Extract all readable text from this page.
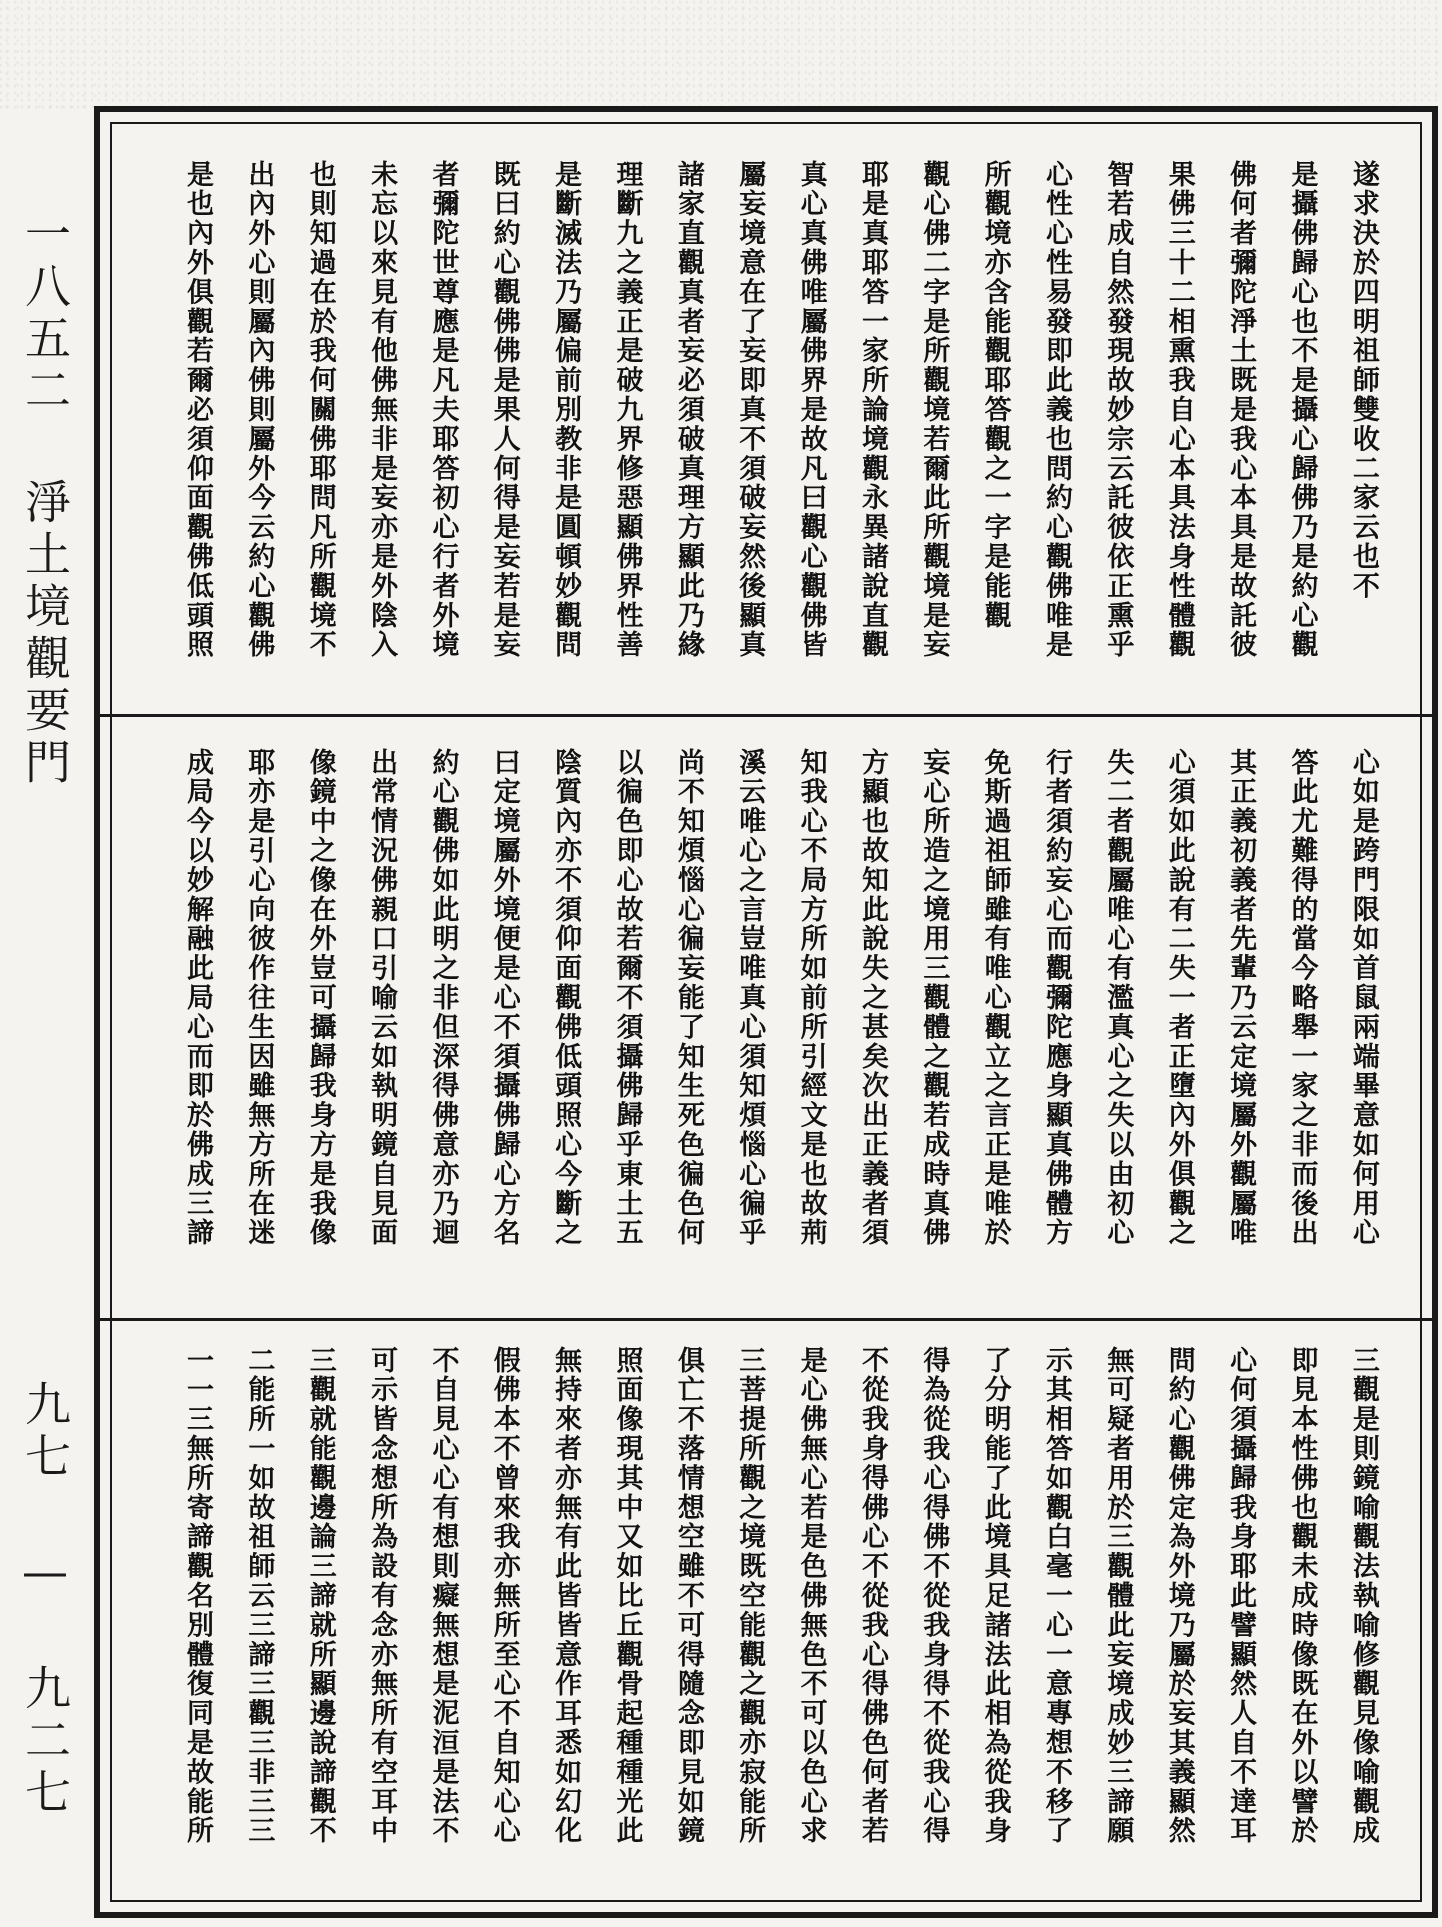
一八五二 淨土境觀要門
九七 — 九二七
遂求決於四明祖師雙收二家云也不
是攝佛歸心也不是攝心歸佛乃是約心觀
佛何者彌陀淨土既是我心本具是故託彼
果佛三十二相熏我自心本具法身性體觀
智若成自然發現故妙宗云託彼依正熏乎
心性心性易發即此義也問約心觀佛唯是
所觀境亦含能觀耶答觀之一字是能觀
觀心佛二字是所觀境若爾此所觀境是妄
耶是真耶答一家所論境觀永異諸說直觀
真心真佛唯屬佛界是故凡曰觀心觀佛皆
屬妄境意在了妄即真不須破妄然後顯真
諸家直觀真者妄必須破真理方顯此乃緣
理斷九之義正是破九界修惡顯佛界性善
是斷滅法乃屬偏前別教非是圓頓妙觀問
既曰約心觀佛佛是果人何得是妄若是妄
者彌陀世尊應是凡夫耶答初心行者外境
未忘以來見有他佛無非是妄亦是外陰入
也則知過在於我何關佛耶問凡所觀境不
出內外心則屬內佛則屬外今云約心觀佛
是也內外俱觀若爾必須仰面觀佛低頭照
心如是跨門限如首鼠兩端畢意如何用心
答此尤難得的當今略舉一家之非而後出
其正義初義者先輩乃云定境屬外觀屬唯
心須如此說有二失一者正墮內外俱觀之
失二者觀屬唯心有濫真心之失以由初心
行者須約妄心而觀彌陀應身顯真佛體方
免斯過祖師雖有唯心觀立之言正是唯於
妄心所造之境用三觀體之觀若成時真佛
方顯也故知此說失之甚矣次出正義者須
知我心不局方所如前所引經文是也故荊
溪云唯心之言豈唯真心須知煩惱心徧乎
尚不知煩惱心徧妄能了知生死色徧色何
以徧色即心故若爾不須攝佛歸乎東土五
陰質內亦不須仰面觀佛低頭照心今斷之
曰定境屬外境便是心不須攝佛歸心方名
約心觀佛如此明之非但深得佛意亦乃迴
出常情況佛親口引喻云如執明鏡自見面
像鏡中之像在外豈可攝歸我身方是我像
耶亦是引心向彼作往生因雖無方所在迷
成局今以妙解融此局心而即於佛成三諦
三觀是則鏡喻觀法執喻修觀見像喻觀成
即見本性佛也觀未成時像既在外以譬於
心何須攝歸我身耶此譬顯然人自不達耳
問約心觀佛定為外境乃屬於妄其義顯然
無可疑者用於三觀體此妄境成妙三諦願
示其相答如觀白毫一心一意專想不移了
了分明能了此境具足諸法此相為從我身
得為從我心得佛不從我身得不從我心得
不從我身得佛心不從我心得佛色何者若
是心佛無心若是色佛無色不可以色心求
三菩提所觀之境既空能觀之觀亦寂能所
俱亡不落情想空雖不可得隨念即見如鏡
照面像現其中又如比丘觀骨起種種光此
無持來者亦無有此皆皆意作耳悉如幻化
假佛本不曾來我亦無所至心不自知心心
不自見心心有想則癡無想是泥洹是法不
可示皆念想所為設有念亦無所有空耳中
三觀就能觀邊論三諦就所顯邊說諦觀不
二能所一如故祖師云三諦三觀三非三三
一一三無所寄諦觀名別體復同是故能所
